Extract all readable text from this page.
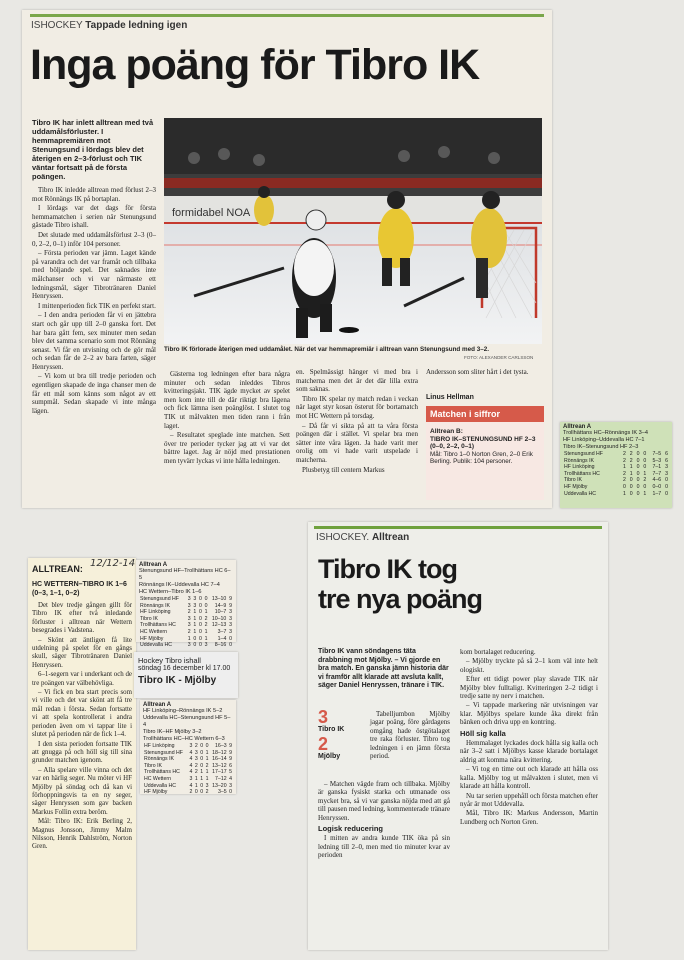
ISHOCKEY Tappade ledning igen
Inga poäng för Tibro IK
Tibro IK har inlett alltrean med två uddamålsförluster. I hemmapremiären mot Stenungsund i lördags blev det återigen en 2–3-förlust och TIK väntar fortsatt på de första poängen.

Tibro IK inledde alltrean med förlust 2–3 mot Rönnängs IK på bortaplan.

I lördags var det dags för första hemmamatchen i serien när Stenungsund gästade Tibro ishall.

Det slutade med uddamålsförlust 2–3 (0–0, 2–2, 0–1) inför 104 personer.

– Första perioden var jämn. Laget kände på varandra och det var framåt och tillbaka med böljande spel. Det saknades inte målchanser och vi var närmaste ett ledningsmål, säger Tibrotränaren Daniel Henryssen.

I mittenperioden fick TIK en perfekt start.

– I den andra perioden får vi en jättebra start och går upp till 2–0 ganska fort. Det har bara gått fem, sex minuter men sedan blev det samma scenario som mot Rönnäng senast. Vi får en utvisning och de gör mål och sedan får de 2–2 av bara farten, säger Henryssen.

– Vi kom ut bra till tredje perioden och egentligen skapade de inga chanser men de får ett mål som känns som något av ett sumpmål. Sedan skapade vi inte många lägen.

formidabel NOA
Tibro IK förlorade återigen med uddamålet. När det var hemmapremiär i alltrean vann Stenungsund med 3–2.
FOTO: ALEXANDER CARLSSON

Gästerna tog ledningen efter bara några minuter och sedan inleddes Tibros kvitteringsjakt. TIK ägde mycket av spelet men kom inte till de där riktigt bra lägena och fick lämna isen poänglöst. I slutet tog TIK ut målvakten men tiden rann i från laget.

– Resultatet speglade inte matchen. Sett över tre perioder tycker jag att vi var det bättre laget. Jag är nöjd med prestationen men tyvärr lyckas vi inte hålla ledningen.

en. Spelmässigt hänger vi med bra i matcherna men det är det där lilla extra som saknas.

Tibro IK spelar ny match redan i veckan när laget styr kosan österut för bortamatch mot HC Wettern på torsdag.

– Då får vi sikta på att ta våra första poängen där i stället. Vi spelar bra men sätter inte våra lägen. Ja hade varit mer orolig om vi hade varit utspelade i matcherna.

Plusbetyg till centern Markus

Andersson som sliter hårt i det tysta.

Linus Hellman
Matchen i siffror
Alltrean B:
TIBRO IK–STENUNGSUND HF 2–3 (0–0, 2–2, 0–1)
Mål: Tibro 1–0 Norton Gren, 2–0 Erik Berling. Publik: 104 personer.
Alltrean A
Trollhättans HC–Rönnängs IK 3–4
HF Linköping–Uddevalla HC 7–1
Tibro IK–Stenungsund HF 2–3
Stenungsund HF	2	2	0	0	7–5	6
Rönnängs IK	2	2	0	0	5–3	6
HF Linköping	1	1	0	0	7–1	3
Trollhättans HC	2	1	0	1	7–7	3
Tibro IK	2	0	0	2	4–6	0
HF Mjölby	0	0	0	0	0–0	0
Uddevalla HC	1	0	0	1	1–7	0
ALLTREAN: 12/12-14
HC WETTERN–TIBRO IK 1–6 (0–3, 1–1, 0–2)

Det blev tredje gången gillt för Tibro IK efter två inledande förluster i alltrean när Wettern besegrades i Vadstena.

– Skönt att äntligen få lite utdelning på spelet för en gångs skull, säger Tibrotränaren Daniel Henryssen.

6–1-segern var i underkant och de tre poängen var välbehövliga.

– Vi fick en bra start precis som vi ville och det var skönt att få tre mål redan i första. Sedan fortsatte vi att spela kontrollerat i andra perioden även om vi tappar lite i slutet på perioden när de fick 1–4.

I den sista perioden fortsatte TIK att gnugga på och höll sig till sina grunder matchen igenom.

– Alla spelare ville vinna och det var en härlig seger. Nu möter vi HF Mjölby på söndag och då kan vi förhoppningsvis ta en ny seger, säger Henryssen som gav backen Markus Follin extra beröm.

Mål: Tibro IK: Erik Berling 2, Magnus Jonsson, Jimmy Malm Nilsson, Henrik Dahlström, Norton Gren.

Alltrean A
Stenungsund HF–Trollhättans HC 6–5
Rönnängs IK–Uddevalla HC 7–4
HC Wettern–Tibro IK 1–6
Stenungsund HF	3	3	0	0	13–10	9
Rönnängs IK	3	3	0	0	14–9	9
HF Linköping	2	1	0	1	10–7	3
Tibro IK	3	1	0	2	10–10	3
Trollhättans HC	3	1	0	2	12–13	3
HC Wettern	2	1	0	1	3–7	3
HF Mjölby	1	0	0	1	1–4	0
Uddevalla HC	3	0	0	3	8–16	0
Hockey Tibro ishall
söndag 16 december kl 17.00
Tibro IK - Mjölby
Alltrean A
HF Linköping–Rönnängs IK 5–2
Uddevalla HC–Stenungsund HF 5–4
Tibro IK–HF Mjölby 3–2
Trollhättans HC–HC Wettern 6–3
HF Linköping	3	2	0	0	16–3	9
Stenungsund HF	4	3	0	1	18–12	9
Rönnängs IK	4	3	0	1	16–14	9
Tibro IK	4	2	0	2	13–12	6
Trollhättans HC	4	2	1	1	17–17	5
HC Wettern	3	1	1	1	7–12	4
Uddevalla HC	4	1	0	3	13–20	3
HF Mjölby	2	0	0	2	3–5	0
ISHOCKEY. Alltrean
Tibro IK tog
tre nya poäng
Tibro IK vann söndagens täta drabbning mot Mjölby. – Vi gjorde en bra match. En ganska jämn historia där vi framför allt klarade att avsluta kallt, säger Daniel Henryssen, tränare i TIK.
3
Tibro IK
2
Mjölby

Tabelljumbon Mjölby jagar poäng, före gårdagens omgång hade östgötalaget tre raka förluster. Tibro tog ledningen i en jämn första period.

– Matchen vägde fram och tillbaka. Mjölby är ganska fysiskt starka och utmanade oss mycket bra, så vi var ganska nöjda med att gå till pausen med ledning, kommenterade tränare Henryssen.

Logisk reducering

I mitten av andra kunde TIK öka på sin ledning till 2–0, men med tio minuter kvar av perioden

kom bortalaget reducering.

– Mjölby tryckte på så 2–1 kom väl inte helt ologiskt.

Efter ett tidigt power play slavade TIK när Mjölby blev fulltaligt. Kvitteringen 2–2 tidigt i tredje satte ny nerv i matchen.

– Vi tappade markering när utvisningen var klar. Mjölbys spelare kunde åka direkt från bänken och driva upp en kontring.

Höll sig kalla

Hemmalaget lyckades dock hålla sig kalla och när 3–2 satt i Mjölbys kasse klarade bortalaget aldrig att komma nära kvittering.

– Vi tog en time out och klarade att hålla oss kalla. Mjölby tog ut målvakten i slutet, men vi klarade att hålla kontroll.

Nu tar serien uppehåll och första matchen efter nyår är mot Uddevalla.

Mål, Tibro IK: Markus Andersson, Martin Lundberg och Norton Gren.
